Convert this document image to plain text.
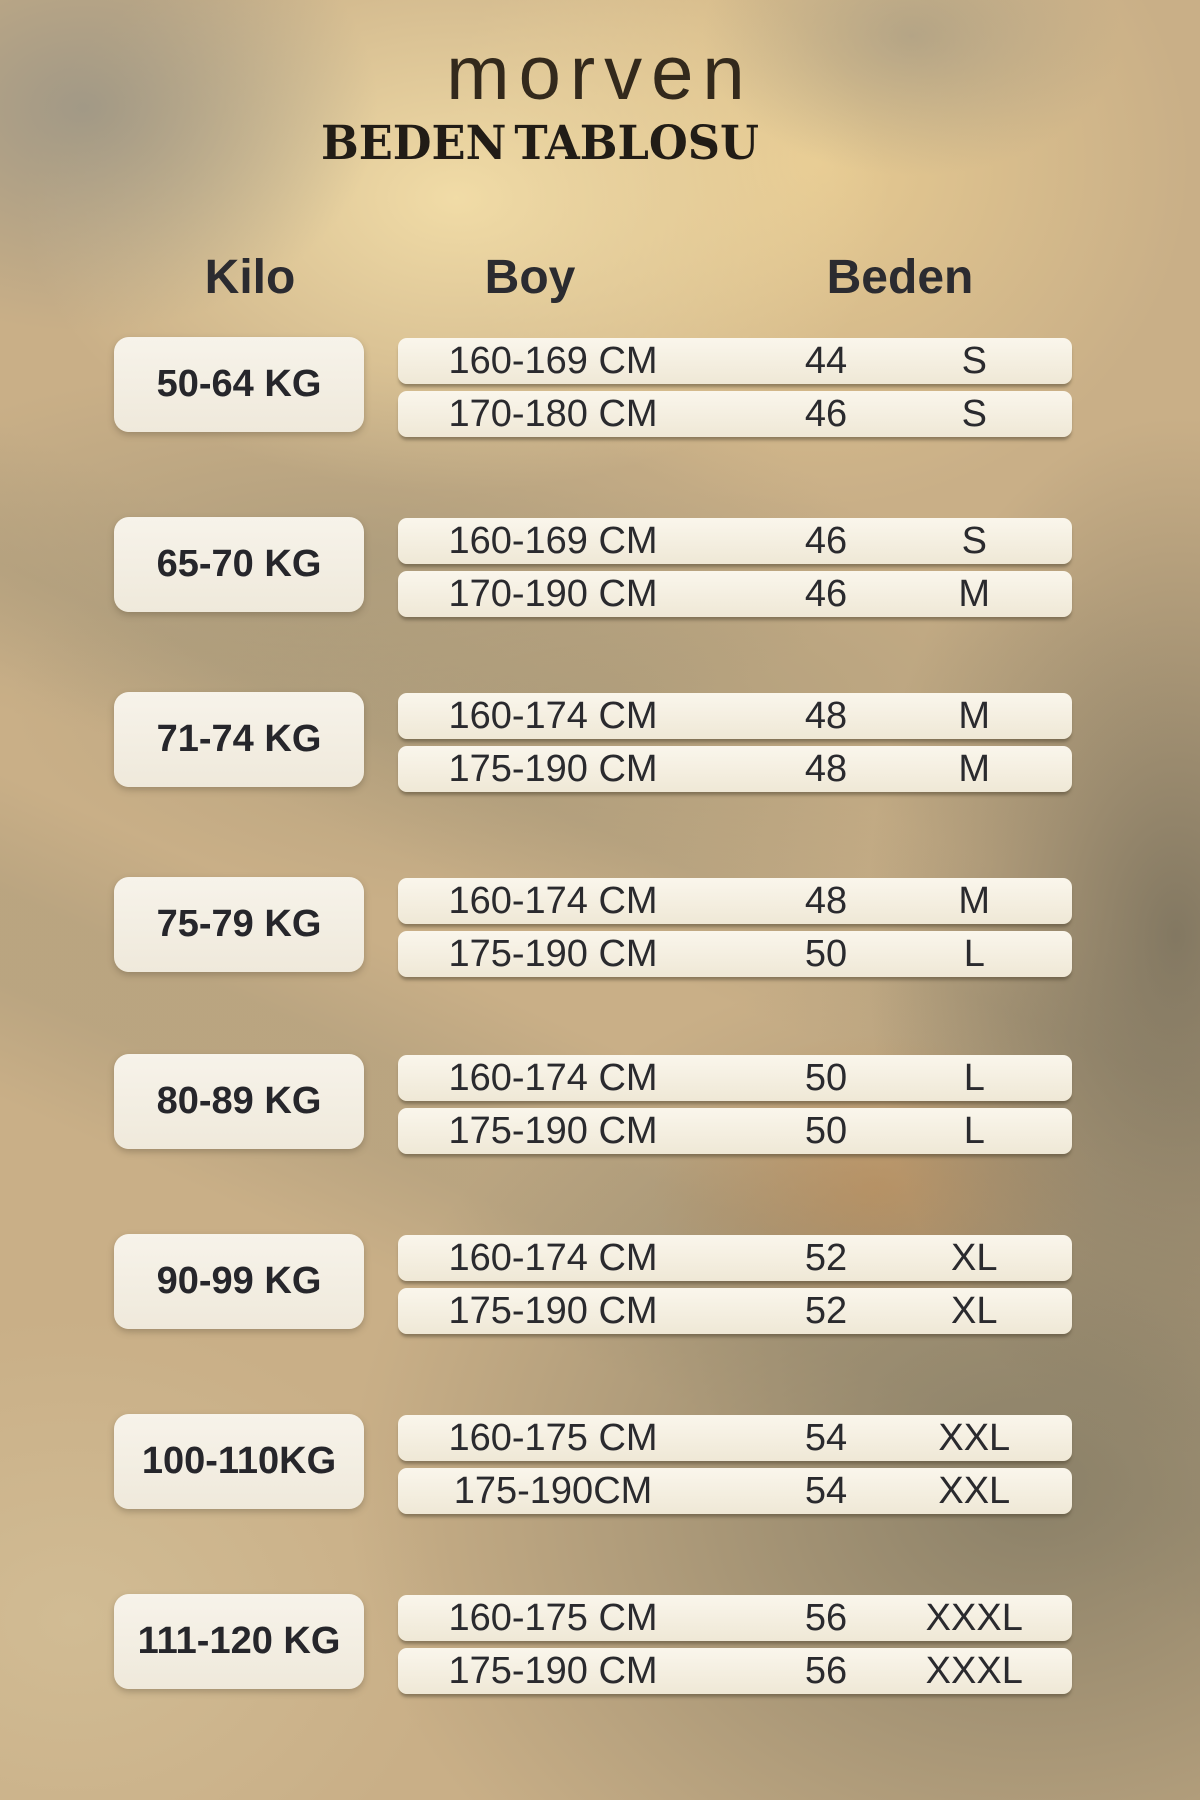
morven
BEDEN TABLOSU
Kilo	Boy	Beden
50-64 KG
160-169 CM	44	S
170-180 CM	46	S
65-70 KG
160-169 CM	46	S
170-190 CM	46	M
71-74 KG
160-174 CM	48	M
175-190 CM	48	M
75-79 KG
160-174 CM	48	M
175-190 CM	50	L
80-89 KG
160-174 CM	50	L
175-190 CM	50	L
90-99 KG
160-174 CM	52	XL
175-190 CM	52	XL
100-110KG
160-175 CM	54	XXL
175-190CM	54	XXL
111-120 KG
160-175 CM	56	XXXL
175-190 CM	56	XXXL
